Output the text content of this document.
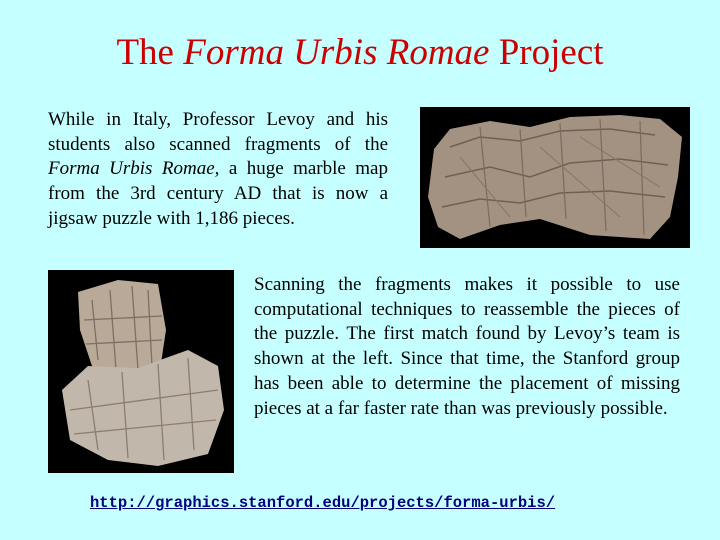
The Forma Urbis Romae Project

While in Italy, Professor Levoy and his students also scanned fragments of the Forma Urbis Romae, a huge marble map from the 3rd century AD that is now a jigsaw puzzle with 1,186 pieces.

Scanning the fragments makes it possible to use computational techniques to reassemble the pieces of the puzzle. The first match found by Levoy’s team is shown at the left. Since that time, the Stanford group has been able to determine the placement of missing pieces at a far faster rate than was previously possible.

http://graphics.stanford.edu/projects/forma-urbis/
